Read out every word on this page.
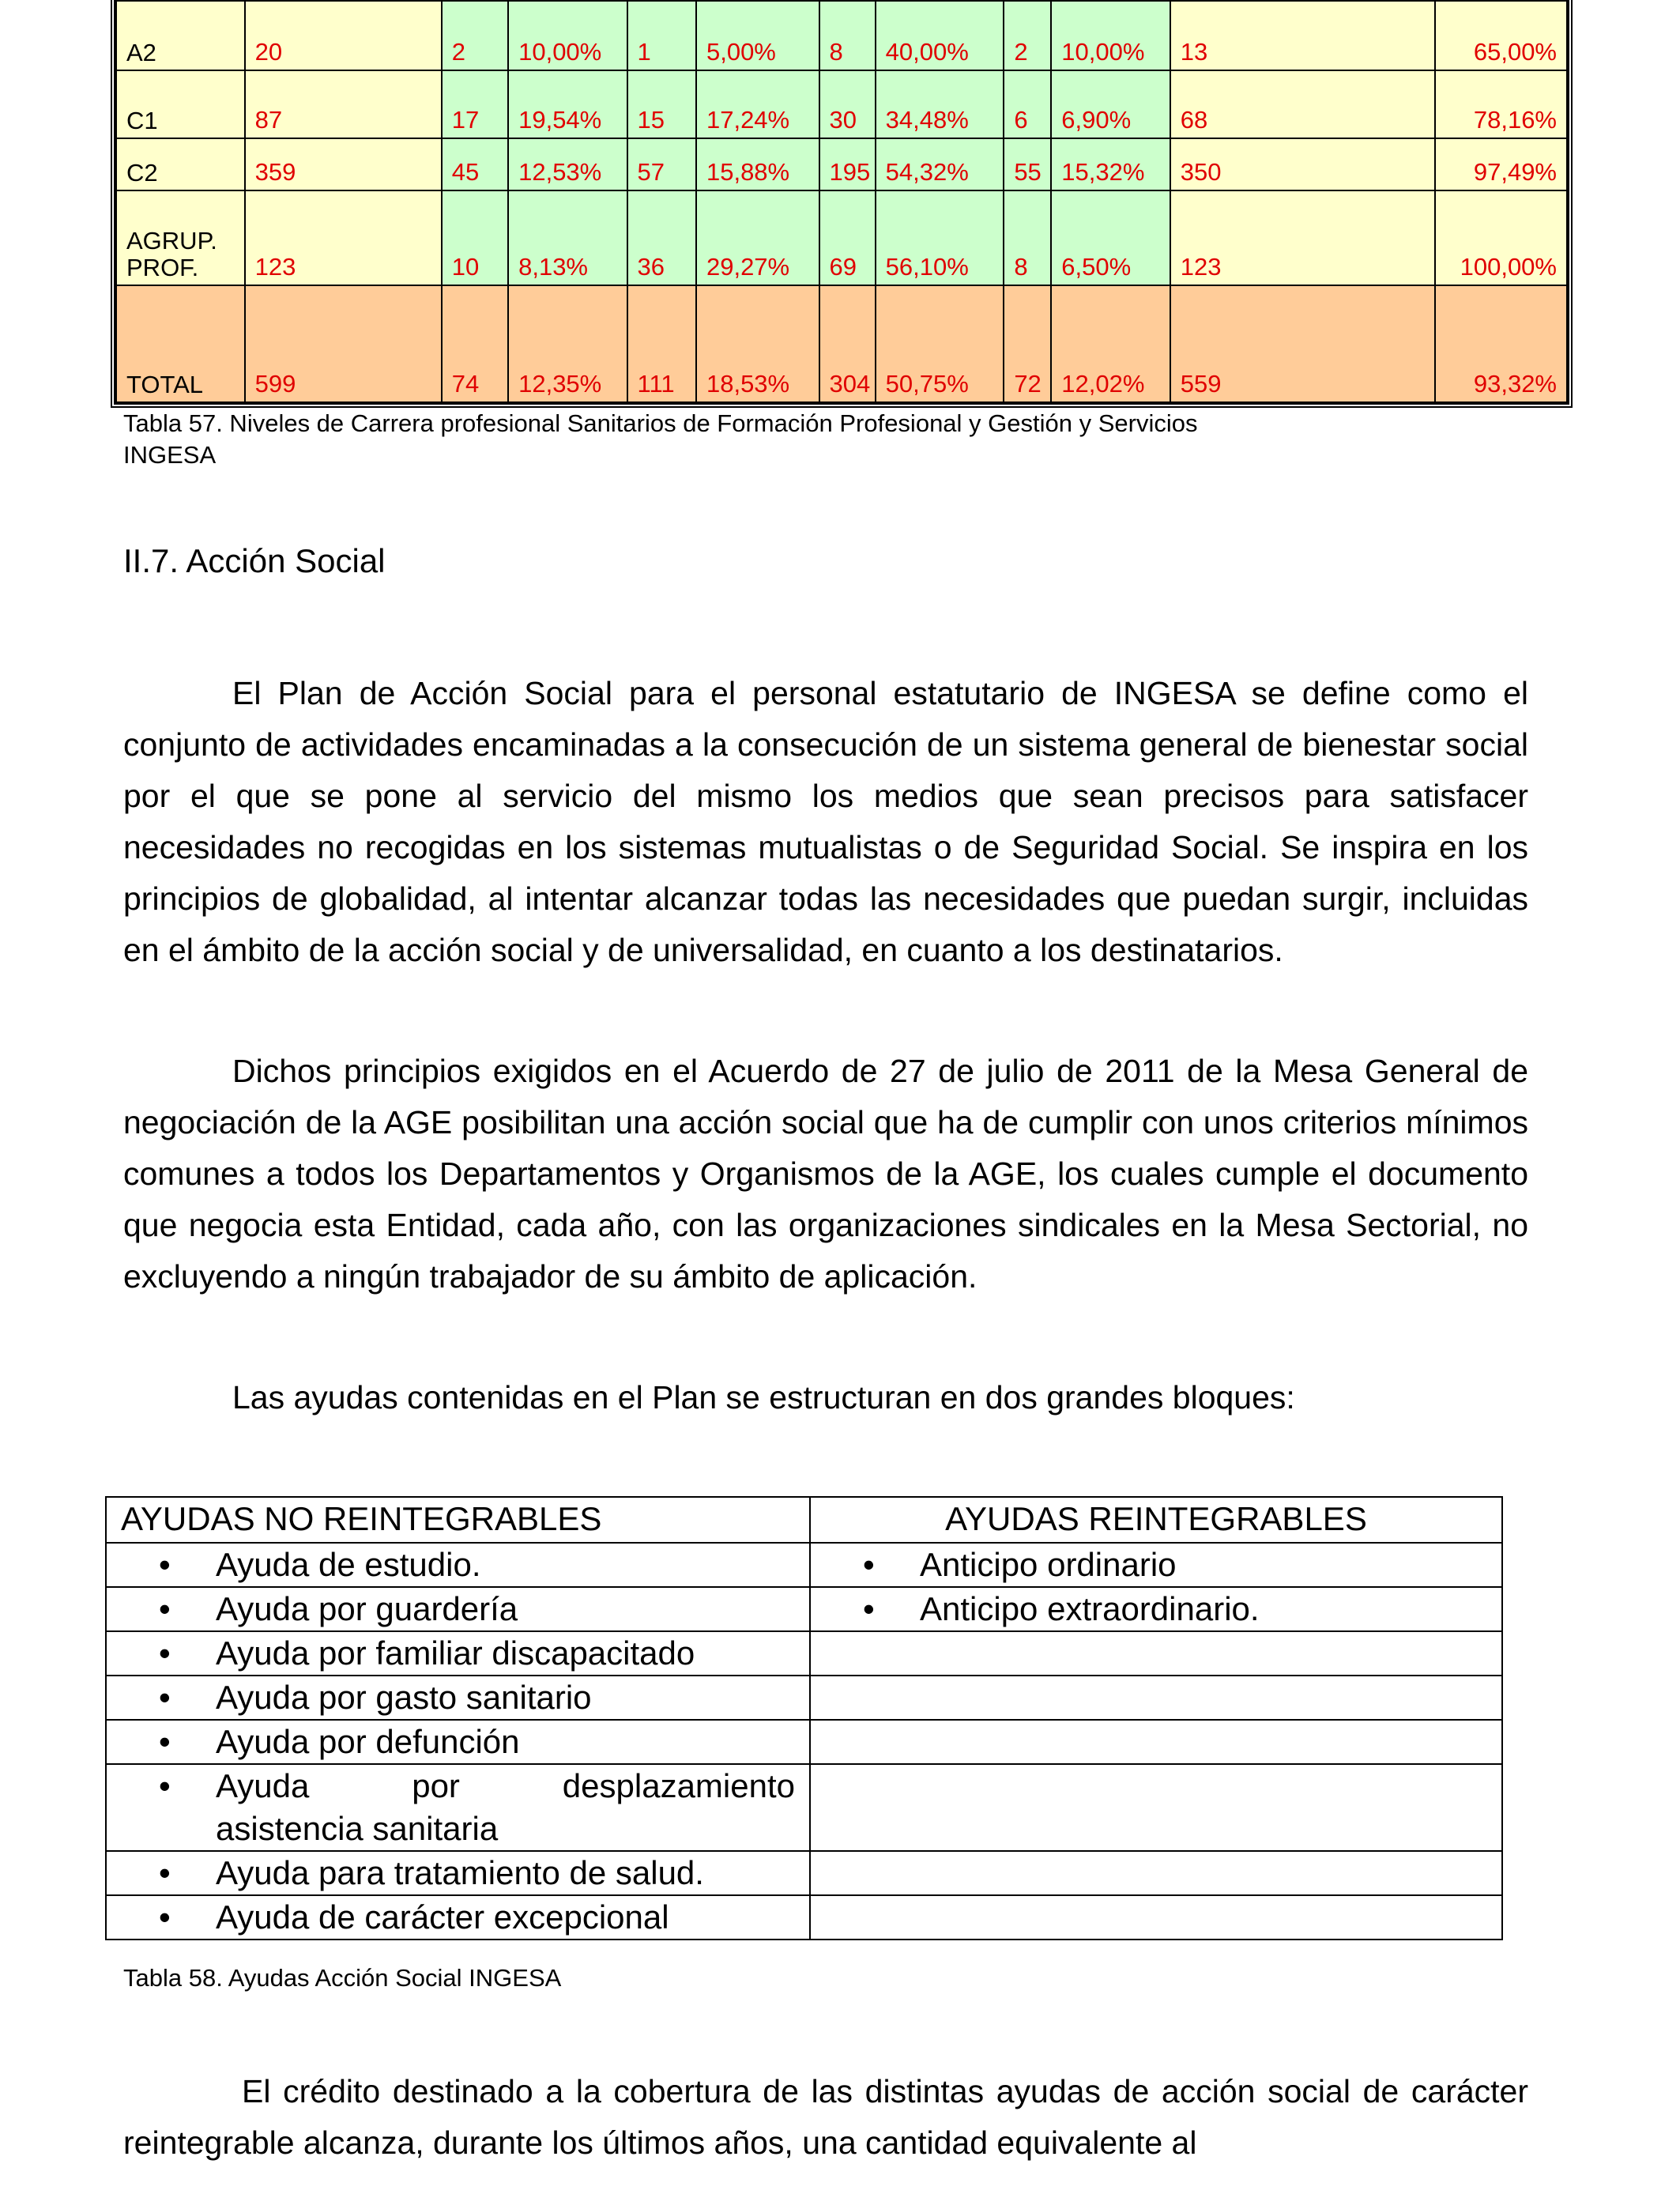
A2	20	2	10,00%	1	5,00%	8	40,00%	2	10,00%	13	65,00%
C1	87	17	19,54%	15	17,24%	30	34,48%	6	6,90%	68	78,16%
C2	359	45	12,53%	57	15,88%	195	54,32%	55	15,32%	350	97,49%
AGRUP.
PROF.	123	10	8,13%	36	29,27%	69	56,10%	8	6,50%	123	100,00%
TOTAL	599	74	12,35%	111	18,53%	304	50,75%	72	12,02%	559	93,32%
Tabla 57. Niveles de Carrera profesional Sanitarios de Formación Profesional y Gestión y Servicios
INGESA
II.7. Acción Social

El Plan de Acción Social para el personal estatutario de INGESA se define como el conjunto de actividades encaminadas a la consecución de un sistema general de bienestar social por el que se pone al servicio del mismo los medios que sean precisos para satisfacer necesidades no recogidas en los sistemas mutualistas o de Seguridad Social. Se inspira en los principios de globalidad, al intentar alcanzar todas las necesidades que puedan surgir, incluidas en el ámbito de la acción social y de universalidad, en cuanto a los destinatarios.

Dichos principios exigidos en el Acuerdo de 27 de julio de 2011 de la Mesa General de negociación de la AGE posibilitan una acción social que ha de cumplir con unos criterios mínimos comunes a todos los Departamentos y Organismos de la AGE, los cuales cumple el documento que negocia esta Entidad, cada año, con las organizaciones sindicales en la Mesa Sectorial, no excluyendo a ningún trabajador de su ámbito de aplicación.

Las ayudas contenidas en el Plan se estructuran en dos grandes bloques:

AYUDAS NO REINTEGRABLES	AYUDAS REINTEGRABLES

• Ayuda de estudio.	• Anticipo ordinario

• Ayuda por guardería	• Anticipo extraordinario.

• Ayuda por familiar discapacitado	

• Ayuda por gasto sanitario	

• Ayuda por defunción	

• Ayuda por desplazamiento
asistencia sanitaria	

• Ayuda para tratamiento de salud.	

• Ayuda de carácter excepcional	

Tabla 58. Ayudas Acción Social INGESA

El crédito destinado a la cobertura de las distintas ayudas de acción social de carácter reintegrable alcanza, durante los últimos años, una cantidad equivalente al
